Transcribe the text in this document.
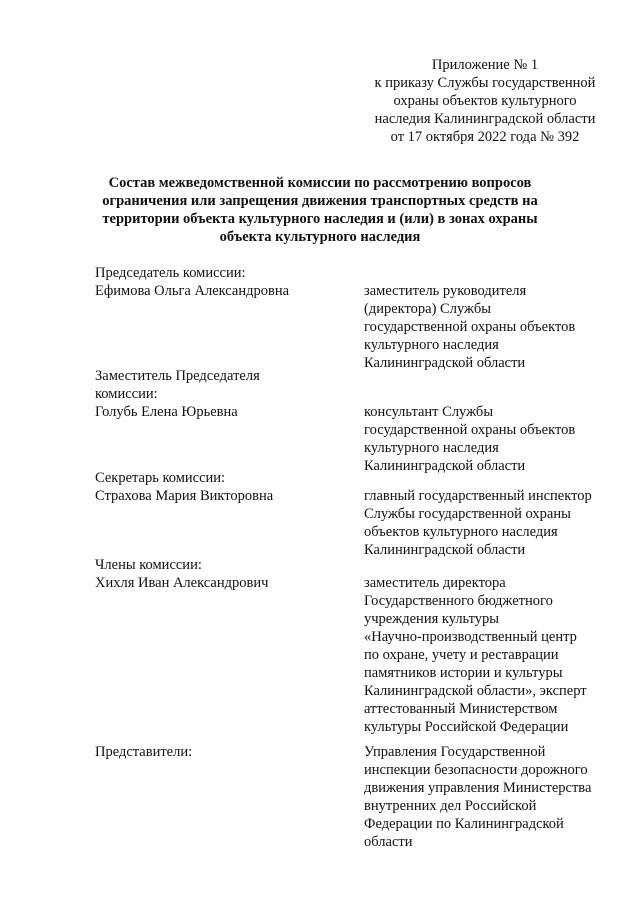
Приложение № 1
к приказу Службы государственной
охраны объектов культурного
наследия Калининградской области
от 17 октября 2022 года № 392
Состав межведомственной комиссии по рассмотрению вопросов
ограничения или запрещения движения транспортных средств на
территории объекта культурного наследия и (или) в зонах охраны
объекта культурного наследия
Председатель комиссии:
Ефимова Ольга Александровна	заместитель руководителя
(директора) Службы
государственной охраны объектов
культурного наследия
Калининградской области
Заместитель Председателя
комиссии:
Голубь Елена Юрьевна	консультант Службы
государственной охраны объектов
культурного наследия
Калининградской области
Секретарь комиссии:
Страхова Мария Викторовна	главный государственный инспектор
Службы государственной охраны
объектов культурного наследия
Калининградской области
Члены комиссии:
Хихля Иван Александрович	заместитель директора
Государственного бюджетного
учреждения культуры
«Научно-производственный центр
по охране, учету и реставрации
памятников истории и культуры
Калининградской области», эксперт
аттестованный Министерством
культуры Российской Федерации
Представители:	Управления Государственной
инспекции безопасности дорожного
движения управления Министерства
внутренних дел Российской
Федерации по Калининградской
области
